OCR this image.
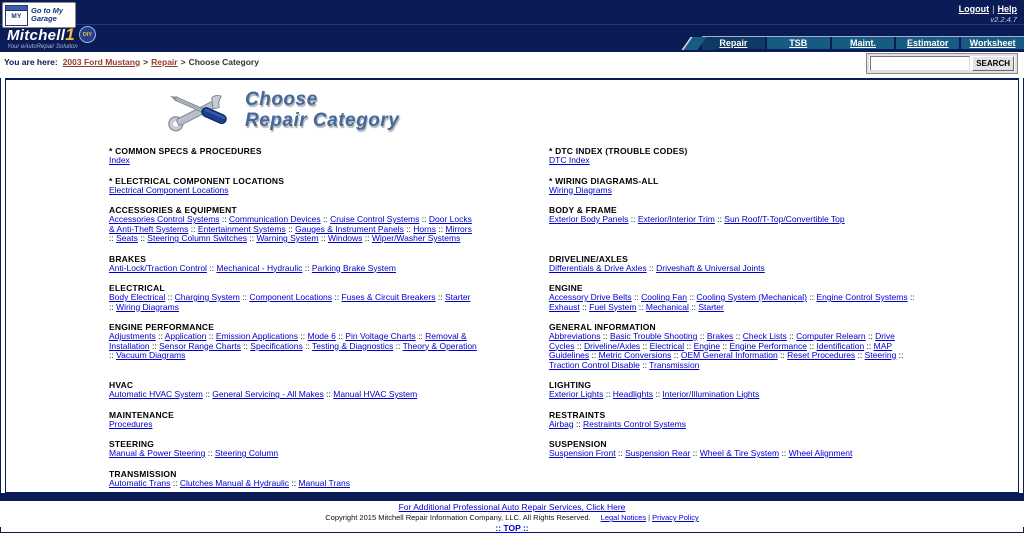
MY
Go to My Garage
Logout | Help
v2.2.4.7
Mitchell1	DIY
Your eAutoRepair Solution	Repair	TSB	Maint.	Estimator	Worksheet
You are here: 2003 Ford Mustang > Repair > Choose Category	SEARCH
Choose
Repair Category
* COMMON SPECS & PROCEDURES
Index
* DTC INDEX (TROUBLE CODES)
DTC Index
* ELECTRICAL COMPONENT LOCATIONS
Electrical Component Locations
* WIRING DIAGRAMS-ALL
Wiring Diagrams
ACCESSORIES & EQUIPMENT
Accessories Control Systems :: Communication Devices :: Cruise Control Systems :: Door Locks & Anti-Theft Systems :: Entertainment Systems :: Gauges & Instrument Panels :: Horns :: Mirrors :: Seats :: Steering Column Switches :: Warning System :: Windows :: Wiper/Washer Systems
BODY & FRAME
Exterior Body Panels :: Exterior/Interior Trim :: Sun Roof/T-Top/Convertible Top
BRAKES
Anti-Lock/Traction Control :: Mechanical - Hydraulic :: Parking Brake System
DRIVELINE/AXLES
Differentials & Drive Axles :: Driveshaft & Universal Joints
ELECTRICAL
Body Electrical :: Charging System :: Component Locations :: Fuses & Circuit Breakers :: Starter :: Wiring Diagrams
ENGINE
Accessory Drive Belts :: Cooling Fan :: Cooling System (Mechanical) :: Engine Control Systems :: Exhaust :: Fuel System :: Mechanical :: Starter
ENGINE PERFORMANCE
Adjustments :: Application :: Emission Applications :: Mode 6 :: Pin Voltage Charts :: Removal & Installation :: Sensor Range Charts :: Specifications :: Testing & Diagnostics :: Theory & Operation :: Vacuum Diagrams
GENERAL INFORMATION
Abbreviations :: Basic Trouble Shooting :: Brakes :: Check Lists :: Computer Relearn :: Drive Cycles :: Driveline/Axles :: Electrical :: Engine :: Engine Performance :: Identification :: MAP Guidelines :: Metric Conversions :: OEM General Information :: Reset Procedures :: Steering :: Traction Control Disable :: Transmission
HVAC
Automatic HVAC System :: General Servicing - All Makes :: Manual HVAC System
LIGHTING
Exterior Lights :: Headlights :: Interior/Illumination Lights
MAINTENANCE
Procedures
RESTRAINTS
Airbag :: Restraints Control Systems
STEERING
Manual & Power Steering :: Steering Column
SUSPENSION
Suspension Front :: Suspension Rear :: Wheel & Tire System :: Wheel Alignment
TRANSMISSION
Automatic Trans :: Clutches Manual & Hydraulic :: Manual Trans
For Additional Professional Auto Repair Services, Click Here
Copyright 2015 Mitchell Repair Information Company, LLC. All Rights Reserved. Legal Notices | Privacy Policy
:: TOP ::
